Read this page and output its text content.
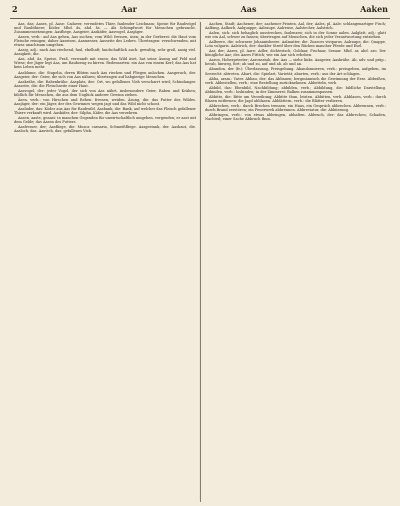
2	Aar	Aas	Aaken

Aas, das; Aases, pl. Aase: Cadaver, verendetes Thier, faulender Leichnam; Speise für Raubvögel und Raubthiere; Köder. Mhd. âs, ahd. âs. — Als Schimpfwort für Menschen gebraucht. Zusammensetzungen: Aasfliege, Aasgeier, Aaskäfer, Aasvogel, Aasjäger.

Aasen, verb.: auf Aas gehen, Aas suchen; vom Wild: fressen, äsen; in der Gerberei: die Haut vom Fleische reinigen; daher Aaseisen, Aasmesser, Aasseite des Leders. Übertragen: verschwenden, mit etwas unachtsam umgehen.

Aasig, adj.: nach Aas riechend, faul, ekelhaft; landschaftlich auch: gewaltig, sehr groß, aasig viel. Aasigkeit, die.

Aas, ahd. âz, Speise, Fraß, verwandt mit essen; das Wild äset, hat seine Äsung auf Feld und Wiese; der Jäger legt Aas, um Raubzeug zu kirren. Redensarten: ein Aas von einem Kerl; das Aas hat kein Leben mehr.

Aasblume, die: Stapelia, deren Blüten nach Aas riechen und Fliegen anlocken. Aasgeruch, der. Aasgeier, der: Geier, die sich von Aas nähren; übertragen auf habgierige Menschen.

Aaskrähe, die: Rabenkrähe. Aasplatz, der: Ort, wo gefallenes Vieh verscharrt wird; Schindanger. Aasseite, die: die Fleischseite einer Haut.

Aasvogel, der: jeder Vogel, der sich von Aas nährt, insbesondere Geier, Raben und Krähen; bildlich für Menschen, die aus dem Unglück anderer Gewinn ziehen.

Äsen, verb.: von Hirschen und Rehen: fressen, weiden. Äsung, die: das Futter des Wildes. Aasjäger, der: ein Jäger, der des Gewinnes wegen jagt und das Wild nicht schont.

Aasluder, das: Köder aus Aas für Raubwild. Aasbank, die: Bank, auf welcher das Fleisch gefallener Thiere verkauft wird. Aaskäfer, der: Silpha, Käfer, die Aas verzehren.

Aasen, aaste, geaast: in manchen Gegenden für unwirtschaftlich umgehen, vergeuden; er aast mit dem Gelde; das Aasen des Futters.

Aasfresser, der; Aasfliege, die: Musca carnaria, Schmeißfliege. Aasgestank, der. Aashaut, die. Aasloch, das. Aasvieh, das: gefallenes Vieh.

Aachen, Stadt; Aachener, der; aachener Printen. Aal, der; Aales, pl. Aale: schlangenartiger Fisch; Aalfang, Aalkorb, Aalquappe, Aalraupe, Aalreuse, Aalstecher, Aalstrich.

Aalen, sich: sich behaglich ausstrecken, faulenzen; sich in der Sonne aalen. Aalglatt, adj.: glatt wie ein Aal, schwer zu fassen; übertragen auf Menschen, die sich jeder Verantwortung entziehen.

Aalbeere, die: schwarze Johannisbeere. Aalmutter, die: Zoarces viviparus. Aalraupe, die: Quappe, Lota vulgaris. Aalstrich, der: dunkler Streif über den Rücken mancher Pferde und Esel.

Aar, der; Aares, pl. Aare: Adler, dichterisch; Goldaar, Fischaar, Seeaar. Mhd. ar, ahd. aro. Der königliche Aar; des Aares Fittich; wie ein Aar sich erheben.

Aaron, Hoherpriester; Aaronsstab, der. Aas — siehe links. Aasgeier, Aaskrähe. Ab, adv. und präp.: herab, hinweg, fort; ab und zu, auf und ab, ab und an.

Abandon, der (fr.): Überlassung, Preisgebung. Abandonnieren, verb.: preisgeben, aufgeben, im Seerecht: abtreten. Abart, die: Spielart, Varietät; abarten, verb.: aus der Art schlagen.

Abba, aram.: Vater. Abbau, der: das Abbauen; bergmännisch die Gewinnung der Erze. Abbeißen, verb. Abbestellen, verb.: eine Bestellung zurücknehmen. Abbetteln, verb.

Abbild, das: Ebenbild, Nachbildung; abbilden, verb.; Abbildung, die: bildliche Darstellung. Abbinden, verb.: losbinden; in der Zimmerei: Balken zusammenpassen.

Abbitte, die: Bitte um Verzeihung; Abbitte thun, leisten. Abbitten, verb. Abblasen, verb.: durch Blasen entfernen; die Jagd abblasen. Abblättern, verb.: die Blätter verlieren.

Abbrechen, verb.: durch Brechen trennen; ein Haus, ein Gespräch abbrechen. Abbrennen, verb.: durch Brand zerstören; ein Feuerwerk abbrennen. Abbreviatur, die: Abkürzung.

Abbringen, verb.: von etwas abbringen, abhalten. Abbruch, der: das Abbrechen; Schaden, Nachteil; einer Sache Abbruch thun.
